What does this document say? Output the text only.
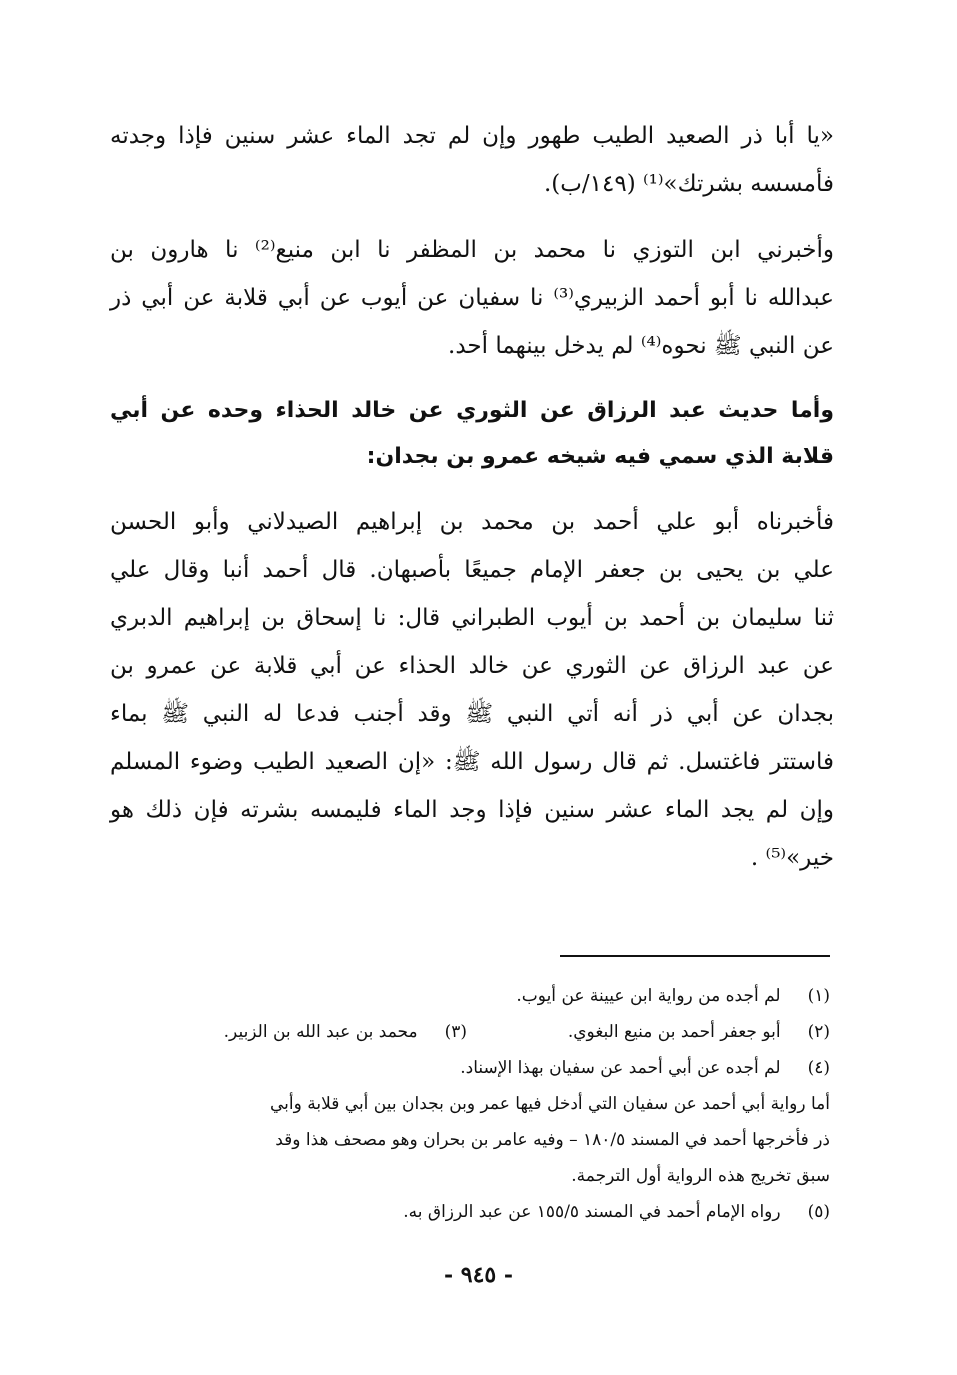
«يا أبا ذر الصعيد الطيب طهور وإن لم تجد الماء عشر سنين فإذا وجدته
فأمسسه بشرتك»⁽¹⁾ (١٤٩/ب).
وأخبرني ابن التوزي نا محمد بن المظفر نا ابن منيع⁽²⁾ نا هارون بن
عبدالله نا أبو أحمد الزبيري⁽³⁾ نا سفيان عن أيوب عن أبي قلابة عن أبي ذر
عن النبي ﷺ نحوه⁽⁴⁾ لم يدخل بينهما أحد.
وأما حديث عبد الرزاق عن الثوري عن خالد الحذاء وحده عن أبي
قلابة الذي سمي فيه شيخه عمرو بن بجدان:
فأخبرناه أبو علي أحمد بن محمد بن إبراهيم الصيدلاني وأبو الحسن
علي بن يحيى بن جعفر الإمام جميعًا بأصبهان. قال أحمد أنبا وقال علي
ثنا سليمان بن أحمد بن أيوب الطبراني قال: نا إسحاق بن إبراهيم الدبري
عن عبد الرزاق عن الثوري عن خالد الحذاء عن أبي قلابة عن عمرو بن
بجدان عن أبي ذر أنه أتي النبي ﷺ وقد أجنب فدعا له النبي ﷺ بماء
فاستتر فاغتسل. ثم قال رسول الله ﷺ: «إن الصعيد الطيب وضوء المسلم
وإن لم يجد الماء عشر سنين فإذا وجد الماء فليمسه بشرته فإن ذلك هو
خير»⁽⁵⁾ .
(١) لم أجده من رواية ابن عيينة عن أيوب.
(٢) أبو جعفر أحمد بن منيع البغوي.  (٣) محمد بن عبد الله بن الزبير.
(٤) لم أجده عن أبي أحمد عن سفيان بهذا الإسناد.
أما رواية أبي أحمد عن سفيان التي أدخل فيها عمر وبن بجدان بين أبي قلابة وأبي
ذر فأخرجها أحمد في المسند ١٨٠/٥ – وفيه عامر بن بحران وهو مصحف هذا وقد
سبق تخريج هذه الرواية أول الترجمة.
(٥) رواه الإمام أحمد في المسند ١٥٥/٥ عن عبد الرزاق به.
- ٩٤٥ -
